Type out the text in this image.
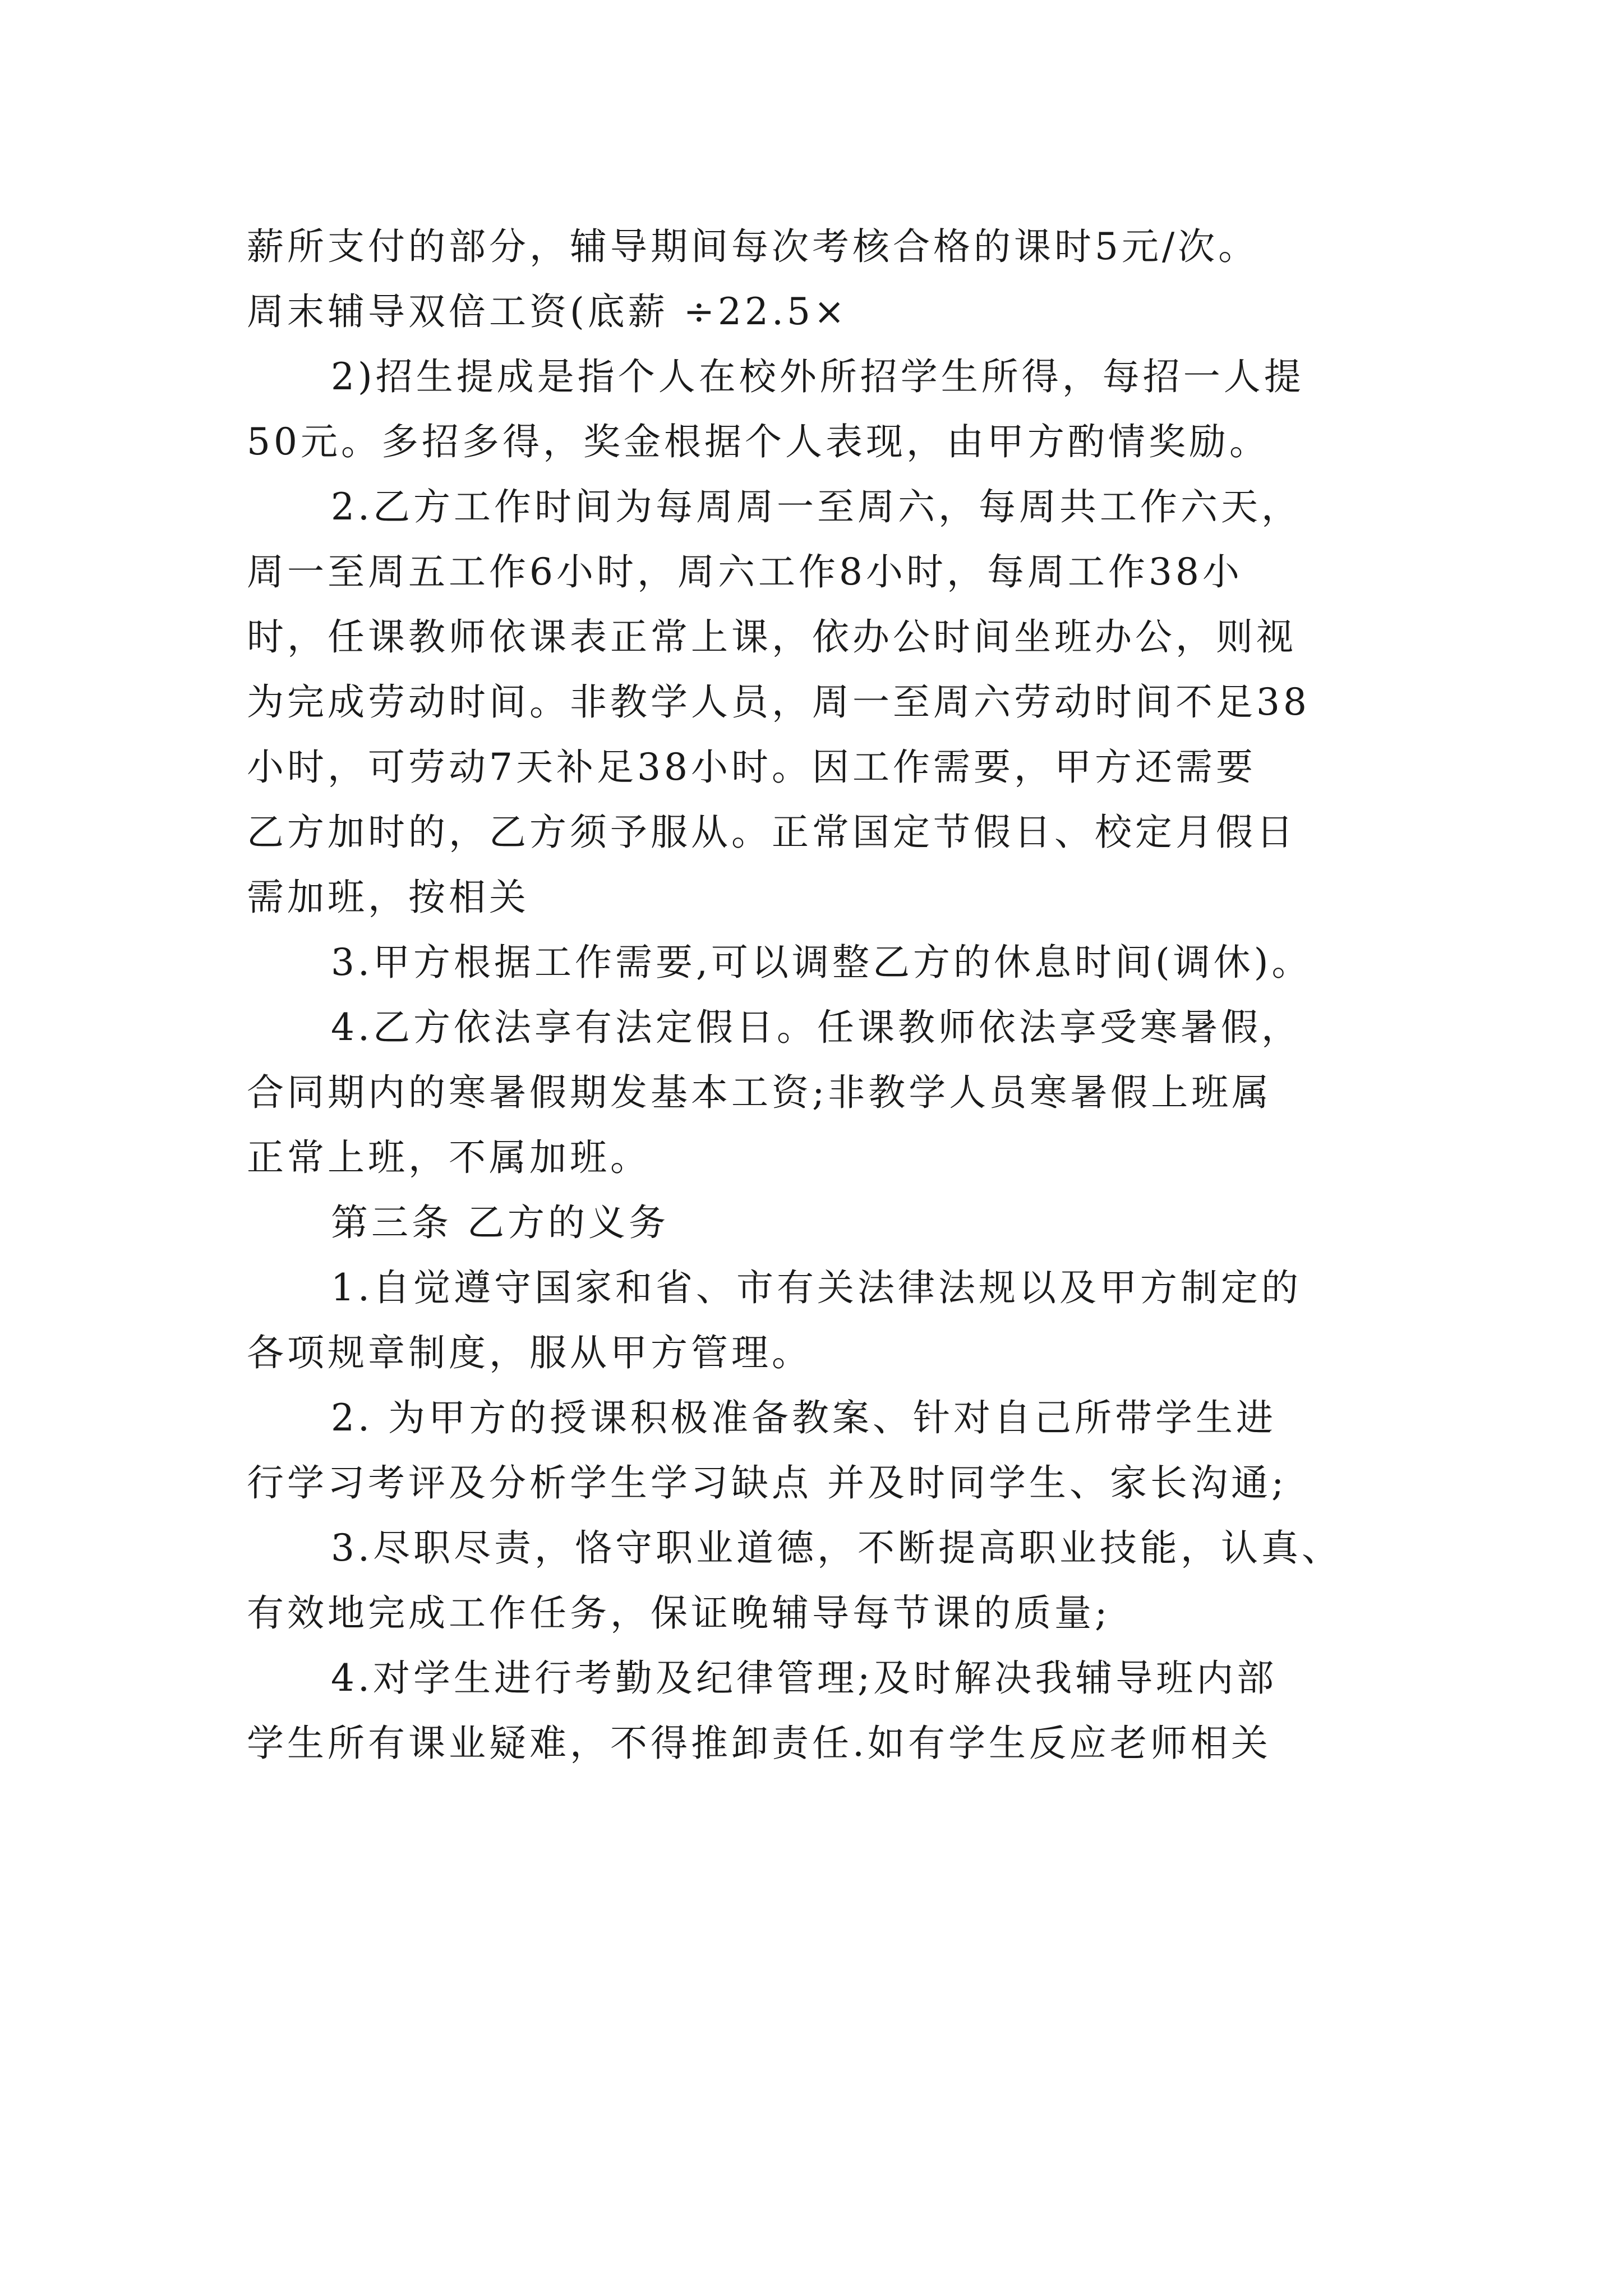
薪所支付的部分，辅导期间每次考核合格的课时5元/次。
周末辅导双倍工资(底薪 ÷22.5×
2)招生提成是指个人在校外所招学生所得，每招一人提
50元。多招多得，奖金根据个人表现，由甲方酌情奖励。
2.乙方工作时间为每周周一至周六，每周共工作六天，
周一至周五工作6小时，周六工作8小时，每周工作38小
时，任课教师依课表正常上课，依办公时间坐班办公，则视
为完成劳动时间。非教学人员，周一至周六劳动时间不足38
小时，可劳动7天补足38小时。因工作需要，甲方还需要
乙方加时的，乙方须予服从。正常国定节假日、校定月假日
需加班，按相关
3.甲方根据工作需要,可以调整乙方的休息时间(调休)。
4.乙方依法享有法定假日。任课教师依法享受寒暑假，
合同期内的寒暑假期发基本工资;非教学人员寒暑假上班属
正常上班，不属加班。
第三条 乙方的义务
1.自觉遵守国家和省、市有关法律法规以及甲方制定的
各项规章制度，服从甲方管理。
2. 为甲方的授课积极准备教案、针对自己所带学生进
行学习考评及分析学生学习缺点 并及时同学生、家长沟通;
3.尽职尽责，恪守职业道德，不断提高职业技能，认真、
有效地完成工作任务，保证晚辅导每节课的质量;
4.对学生进行考勤及纪律管理;及时解决我辅导班内部
学生所有课业疑难，不得推卸责任.如有学生反应老师相关
